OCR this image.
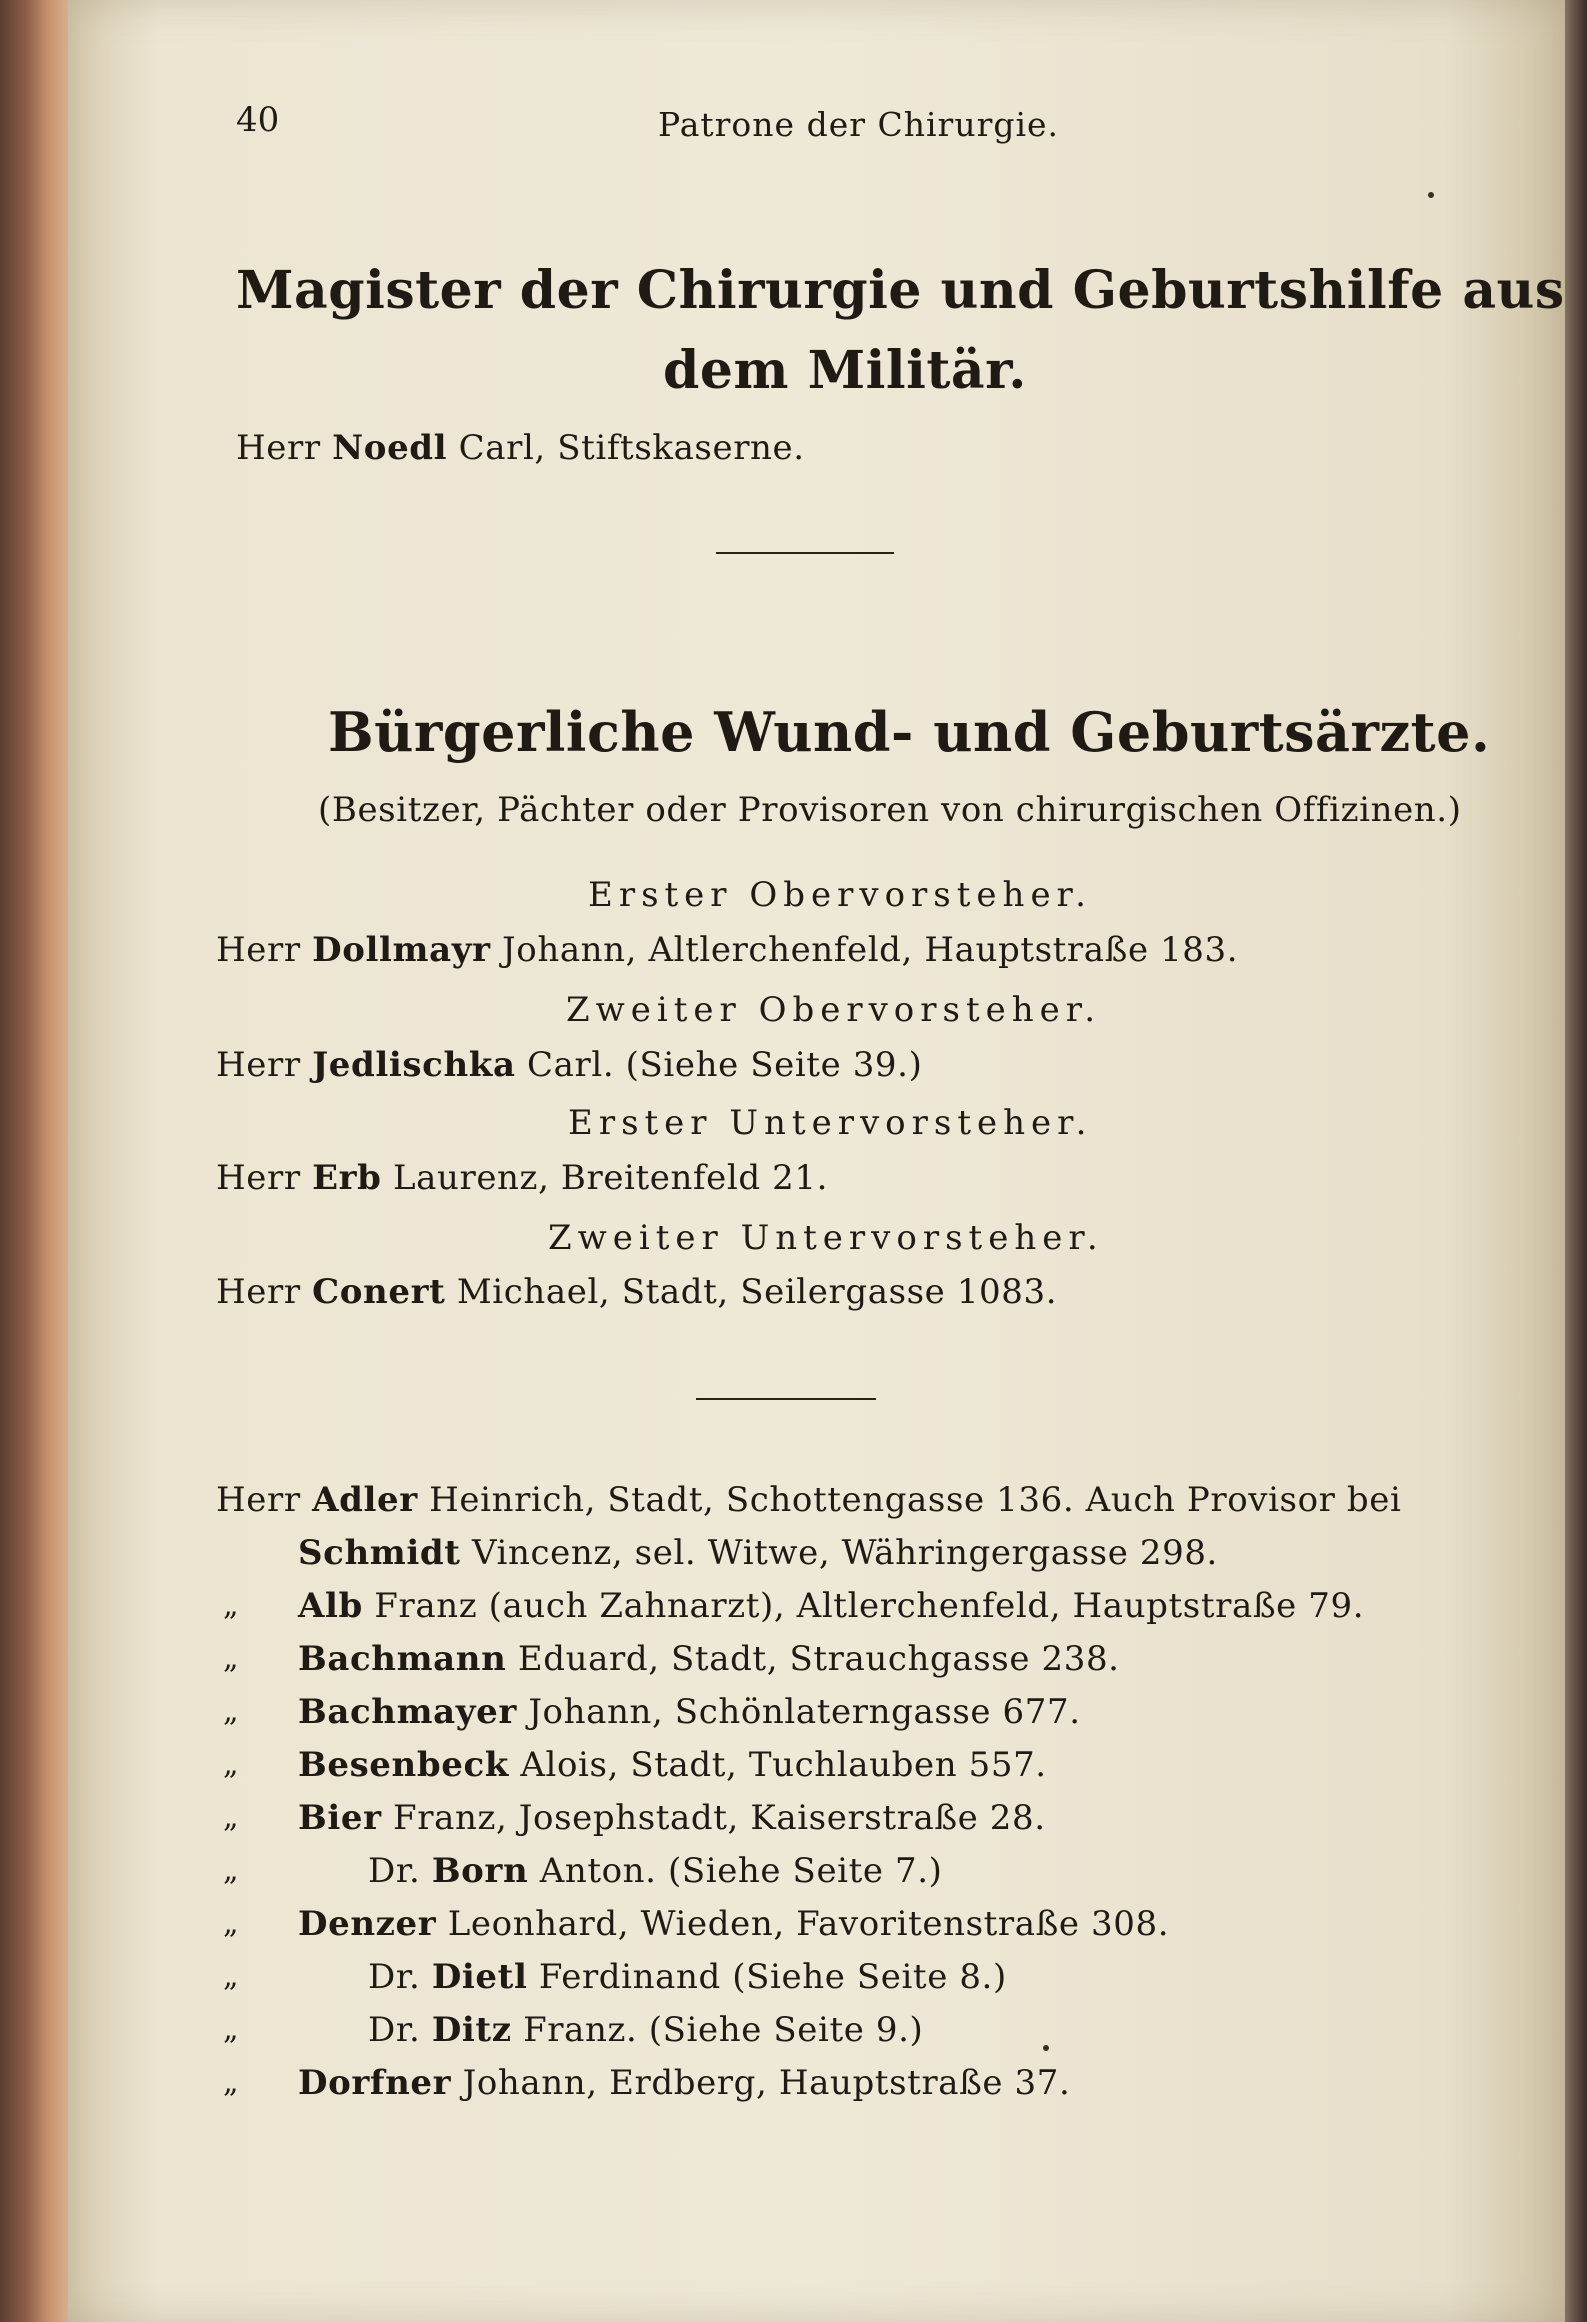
40	Patrone der Chirurgie.
Magister der Chirurgie und Geburtshilfe aus
dem Militär.
Herr Noedl Carl, Stiftskaserne.
Bürgerliche Wund- und Geburtsärzte.
(Besitzer, Pächter oder Provisoren von chirurgischen Offizinen.)
Erster Obervorsteher.
Herr Dollmayr Johann, Altlerchenfeld, Hauptstraße 183.
Zweiter Obervorsteher.
Herr Jedlischka Carl. (Siehe Seite 39.)
Erster Untervorsteher.
Herr Erb Laurenz, Breitenfeld 21.
Zweiter Untervorsteher.
Herr Conert Michael, Stadt, Seilergasse 1083.
Herr Adler Heinrich, Stadt, Schottengasse 136. Auch Provisor bei
Schmidt Vincenz, sel. Witwe, Währingergasse 298.
„ Alb Franz (auch Zahnarzt), Altlerchenfeld, Hauptstraße 79.
„ Bachmann Eduard, Stadt, Strauchgasse 238.
„ Bachmayer Johann, Schönlaterngasse 677.
„ Besenbeck Alois, Stadt, Tuchlauben 557.
„ Bier Franz, Josephstadt, Kaiserstraße 28.
„	Dr. Born Anton. (Siehe Seite 7.)
„ Denzer Leonhard, Wieden, Favoritenstraße 308.
„	Dr. Dietl Ferdinand (Siehe Seite 8.)
„	Dr. Ditz Franz. (Siehe Seite 9.)
„ Dorfner Johann, Erdberg, Hauptstraße 37.
